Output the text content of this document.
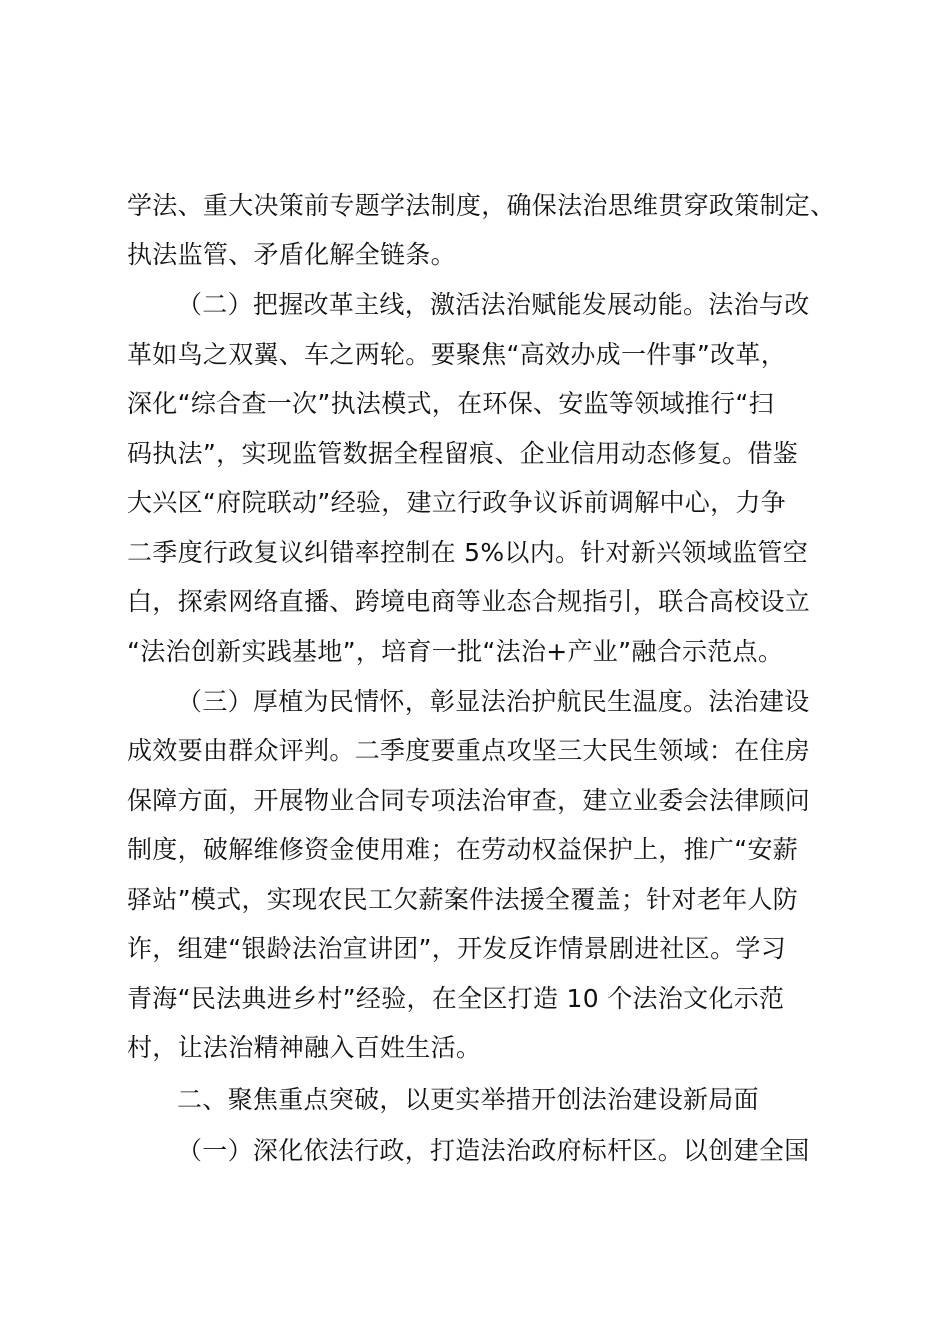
学法、重大决策前专题学法制度，确保法治思维贯穿政策制定、
执法监管、矛盾化解全链条。
（二）把握改革主线，激活法治赋能发展动能。法治与改
革如鸟之双翼、车之两轮。要聚焦“高效办成一件事”改革，
深化“综合查一次”执法模式，在环保、安监等领域推行“扫
码执法”，实现监管数据全程留痕、企业信用动态修复。借鉴
大兴区“府院联动”经验，建立行政争议诉前调解中心，力争
二季度行政复议纠错率控制在 5%以内。针对新兴领域监管空
白，探索网络直播、跨境电商等业态合规指引，联合高校设立
“法治创新实践基地”，培育一批“法治+产业”融合示范点。
（三）厚植为民情怀，彰显法治护航民生温度。法治建设
成效要由群众评判。二季度要重点攻坚三大民生领域：在住房
保障方面，开展物业合同专项法治审查，建立业委会法律顾问
制度，破解维修资金使用难；在劳动权益保护上，推广“安薪
驿站”模式，实现农民工欠薪案件法援全覆盖；针对老年人防
诈，组建“银龄法治宣讲团”，开发反诈情景剧进社区。学习
青海“民法典进乡村”经验，在全区打造 10 个法治文化示范
村，让法治精神融入百姓生活。
二、聚焦重点突破，以更实举措开创法治建设新局面
（一）深化依法行政，打造法治政府标杆区。以创建全国
